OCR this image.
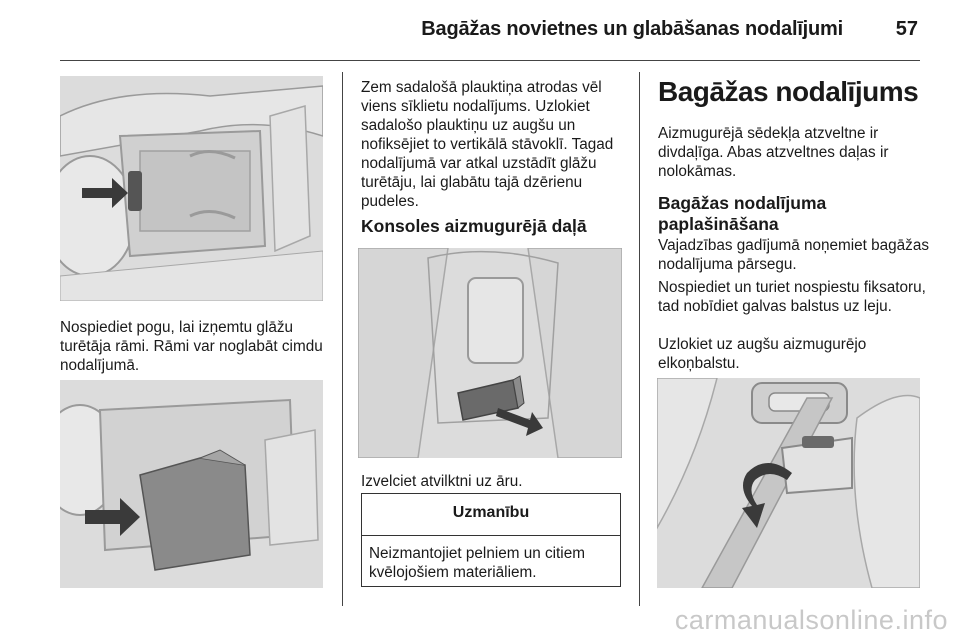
Bagāžas novietnes un glabāšanas nodalījumi	57
Nospiediet pogu, lai izņemtu glāžu turētāja rāmi. Rāmi var noglabāt cimdu nodalījumā.
Zem sadalošā plauktiņa atrodas vēl viens sīklietu nodalījums. Uzlokiet sadalošo plauktiņu uz augšu un nofiksējiet to vertikālā stāvoklī. Tagad nodalījumā var atkal uzstādīt glāžu turētāju, lai glabātu tajā dzērienu pudeles.
Konsoles aizmugurējā daļā
Izvelciet atvilktni uz āru.
Uzmanību
Neizmantojiet pelniem un citiem kvēlojošiem materiāliem.
Bagāžas nodalījums
Aizmugurējā sēdekļa atzveltne ir divdaļīga. Abas atzveltnes daļas ir nolokāmas.
Bagāžas nodalījuma paplašināšana
Vajadzības gadījumā noņemiet bagāžas nodalījuma pārsegu.
Nospiediet un turiet nospiestu fiksatoru, tad nobīdiet galvas balstus uz leju.
Uzlokiet uz augšu aizmugurējo elkoņbalstu.
carmanualsonline.info
